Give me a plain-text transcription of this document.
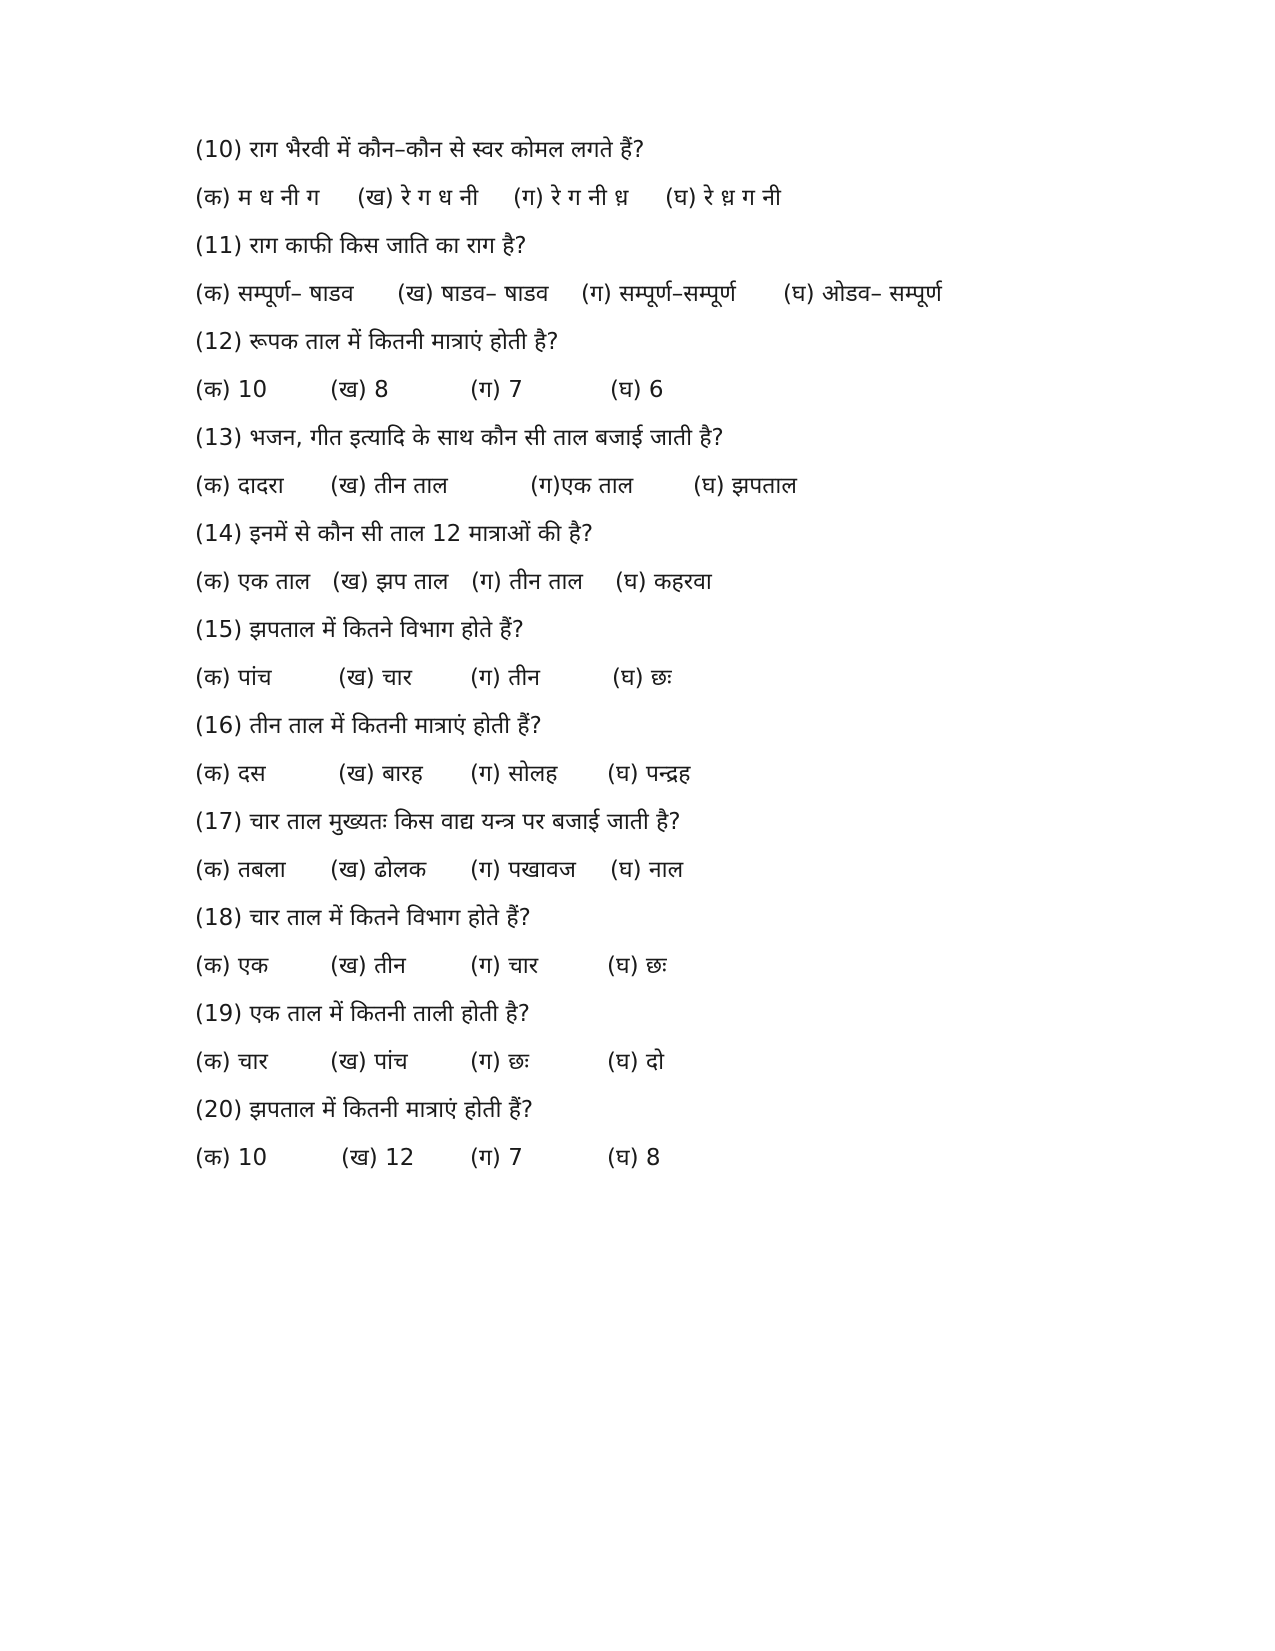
(10) राग भैरवी में कौन–कौन से स्वर कोमल लगते हैं?
(क) म ध नी ग (ख) रे ग ध नी (ग) रे ग नी ध़ (घ) रे ध़ ग नी
(11) राग काफी किस जाति का राग है?
(क) सम्पूर्ण– षाडव (ख) षाडव– षाडव (ग) सम्पूर्ण–सम्पूर्ण (घ) ओडव– सम्पूर्ण
(12) रूपक ताल में कितनी मात्राएं होती है?
(क) 10	(ख) 8	(ग) 7	(घ) 6
(13) भजन, गीत इत्यादि के साथ कौन सी ताल बजाई जाती है?
(क) दादरा (ख) तीन ताल	(ग)एक ताल	(घ) झपताल
(14) इनमें से कौन सी ताल 12 मात्राओं की है?
(क) एक ताल (ख) झप ताल (ग) तीन ताल (घ) कहरवा
(15) झपताल में कितने विभाग होते हैं?
(क) पांच	(ख) चार	(ग) तीन	(घ) छः
(16) तीन ताल में कितनी मात्राएं होती हैं?
(क) दस	(ख) बारह (ग) सोलह (घ) पन्द्रह
(17) चार ताल मुख्यतः किस वाद्य यन्त्र पर बजाई जाती है?
(क) तबला (ख) ढोलक (ग) पखावज (घ) नाल
(18) चार ताल में कितने विभाग होते हैं?
(क) एक	(ख) तीन	(ग) चार	(घ) छः
(19) एक ताल में कितनी ताली होती है?
(क) चार	(ख) पांच	(ग) छः	(घ) दो
(20) झपताल में कितनी मात्राएं होती हैं?
(क) 10	(ख) 12 (ग) 7	(घ) 8
